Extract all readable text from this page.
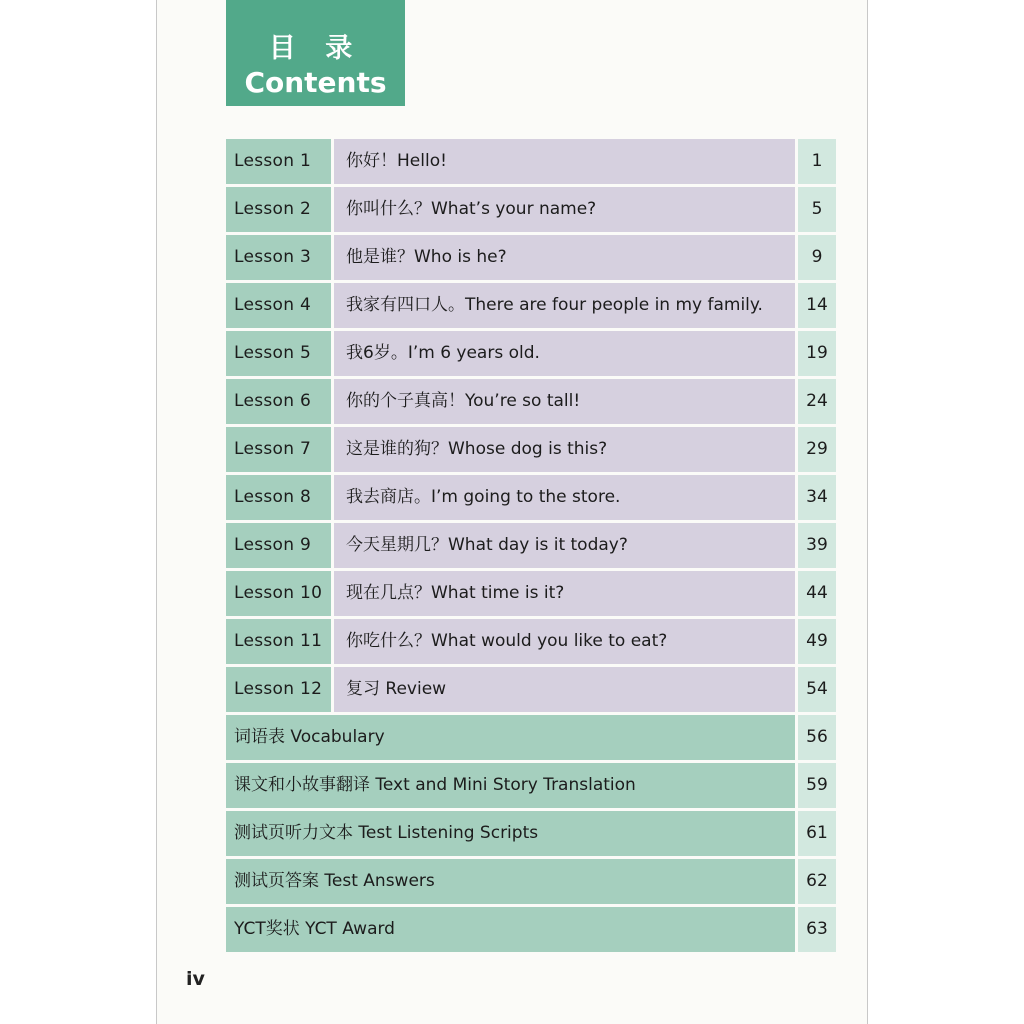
目 录
Contents
Lesson 1	你好！Hello!	1
Lesson 2	你叫什么？What’s your name?	5
Lesson 3	他是谁？Who is he?	9
Lesson 4	我家有四口人。There are four people in my family.	14
Lesson 5	我6岁。I’m 6 years old.	19
Lesson 6	你的个子真高！You’re so tall!	24
Lesson 7	这是谁的狗？Whose dog is this?	29
Lesson 8	我去商店。I’m going to the store.	34
Lesson 9	今天星期几？What day is it today?	39
Lesson 10	现在几点？What time is it?	44
Lesson 11	你吃什么？What would you like to eat?	49
Lesson 12	复习 Review	54
词语表 Vocabulary	56
课文和小故事翻译 Text and Mini Story Translation	59
测试页听力文本 Test Listening Scripts	61
测试页答案 Test Answers	62
YCT奖状 YCT Award	63
iv
